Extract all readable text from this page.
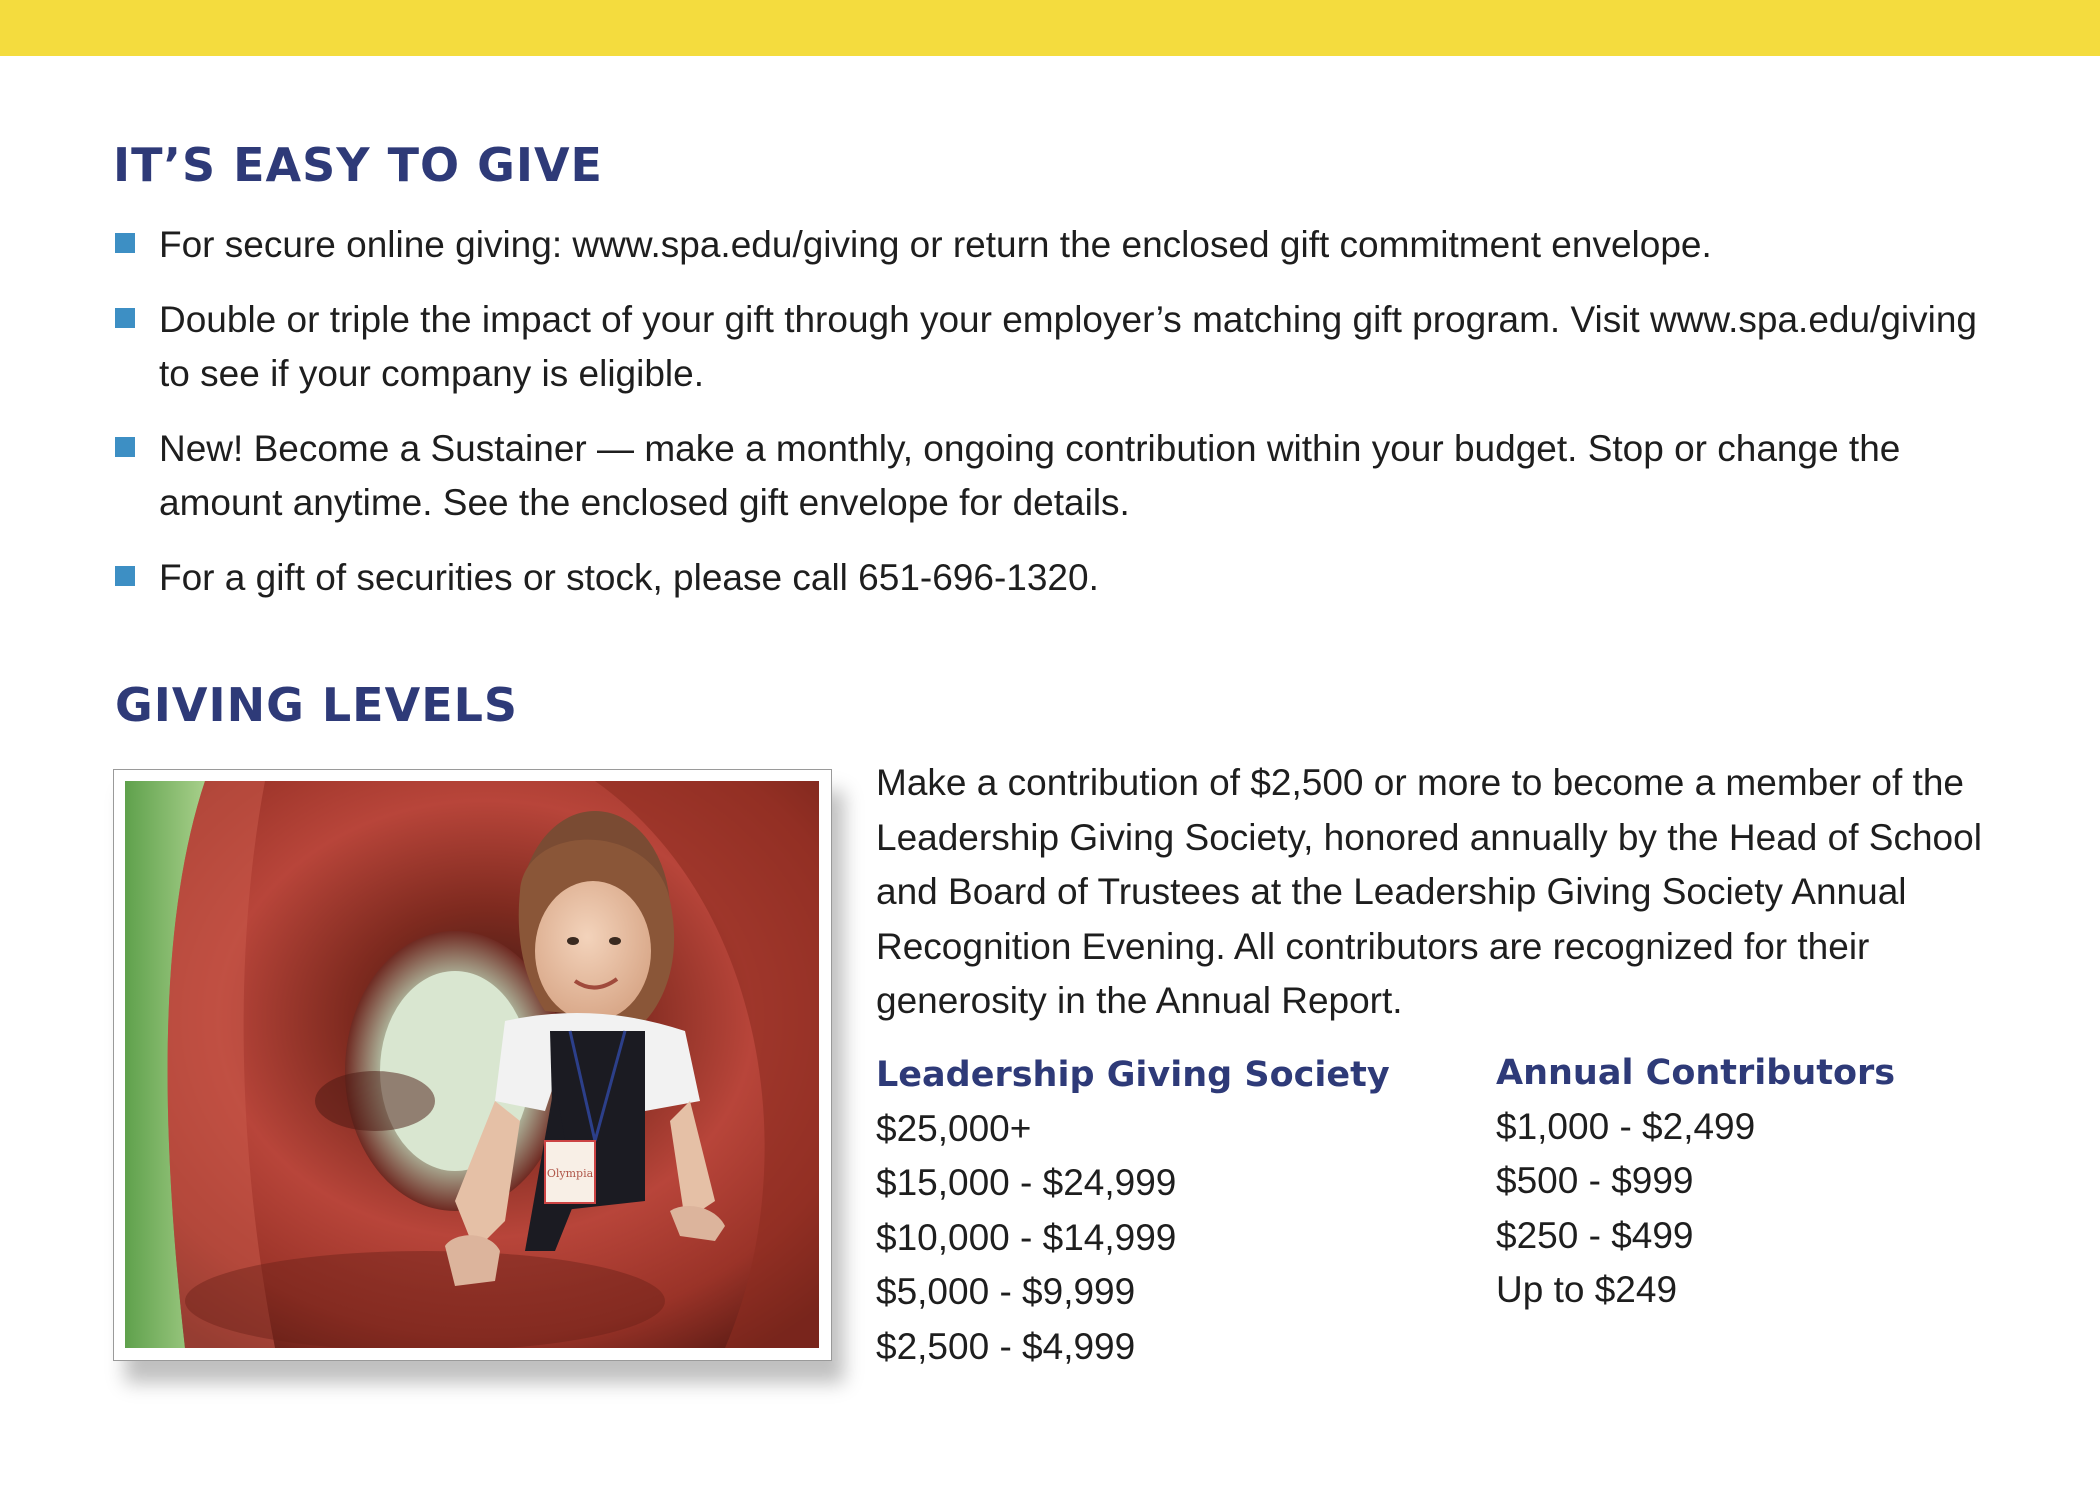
IT’S EASY TO GIVE
For secure online giving: www.spa.edu/giving or return the enclosed gift commitment envelope.
Double or triple the impact of your gift through your employer’s matching gift program. Visit www.spa.edu/giving to see if your company is eligible.
New! Become a Sustainer — make a monthly, ongoing contribution within your budget. Stop or change the amount anytime. See the enclosed gift envelope for details.
For a gift of securities or stock, please call 651-696-1320.
GIVING LEVELS
Olympia

Make a contribution of $2,500 or more to become a member of the Leadership Giving Society, honored annually by the Head of School and Board of Trustees at the Leadership Giving Society Annual Recognition Evening. All contributors are recognized for their generosity in the Annual Report.

Leadership Giving Society
$25,000+
$15,000 - $24,999
$10,000 - $14,999
$5,000 - $9,999
$2,500 - $4,999
Annual Contributors
$1,000 - $2,499
$500 - $999
$250 - $499
Up to $249
